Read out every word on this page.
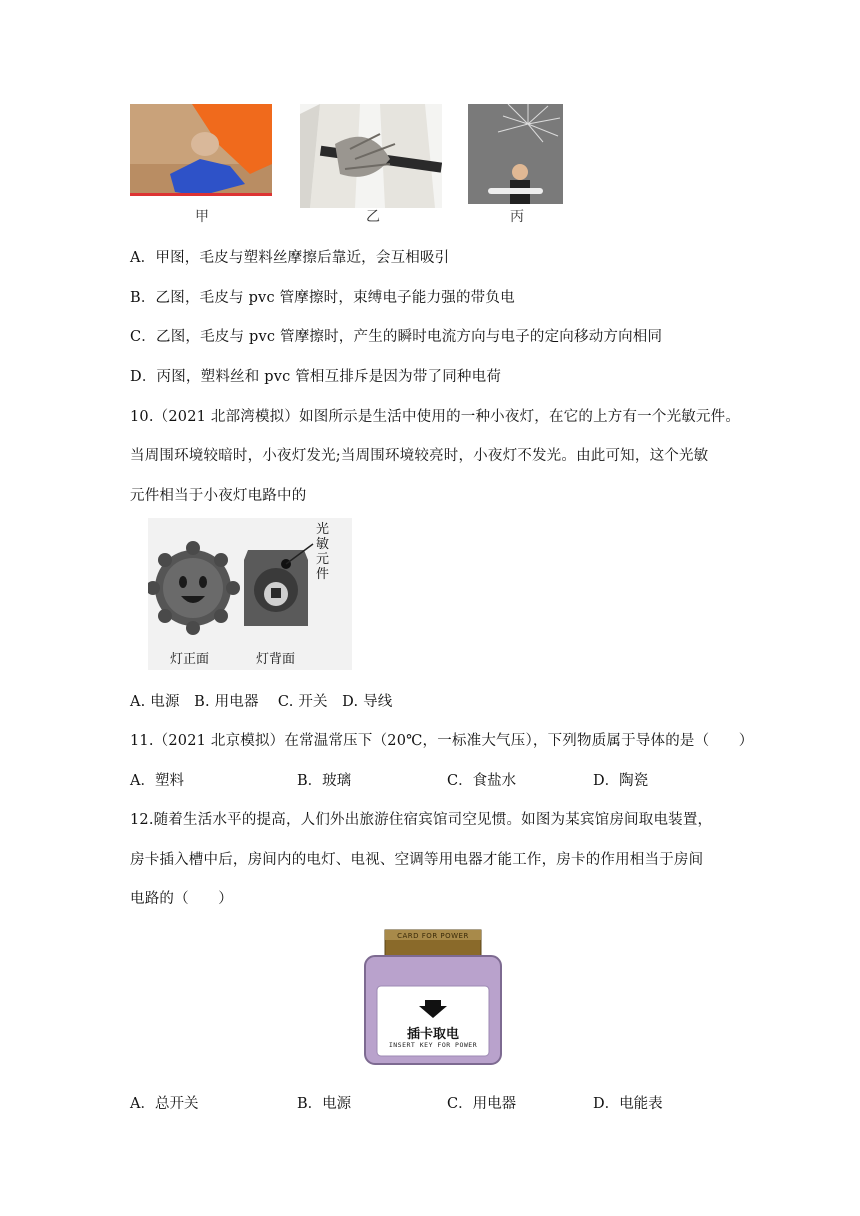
甲	乙	丙
A．甲图，毛皮与塑料丝摩擦后靠近，会互相吸引
B．乙图，毛皮与 pvc 管摩擦时，束缚电子能力强的带负电
C．乙图，毛皮与 pvc 管摩擦时，产生的瞬时电流方向与电子的定向移动方向相同
D．丙图，塑料丝和 pvc 管相互排斥是因为带了同种电荷
10.（2021 北部湾模拟）如图所示是生活中使用的一种小夜灯，在它的上方有一个光敏元件。
当周围环境较暗时，小夜灯发光;当周围环境较亮时，小夜灯不发光。由此可知，这个光敏
元件相当于小夜灯电路中的
光敏元件
灯正面	灯背面
A. 电源   B. 用电器    C. 开关   D. 导线
11.（2021 北京模拟）在常温常压下（20℃，一标准大气压），下列物质属于导体的是（　　）
A．塑料	B．玻璃	C．食盐水	D．陶瓷
12.随着生活水平的提高，人们外出旅游住宿宾馆司空见惯。如图为某宾馆房间取电装置，
房卡插入槽中后，房间内的电灯、电视、空调等用电器才能工作，房卡的作用相当于房间
电路的（　　）
CARD FOR POWER
插卡取电
INSERT KEY FOR POWER
A．总开关	B．电源	C．用电器	D．电能表
